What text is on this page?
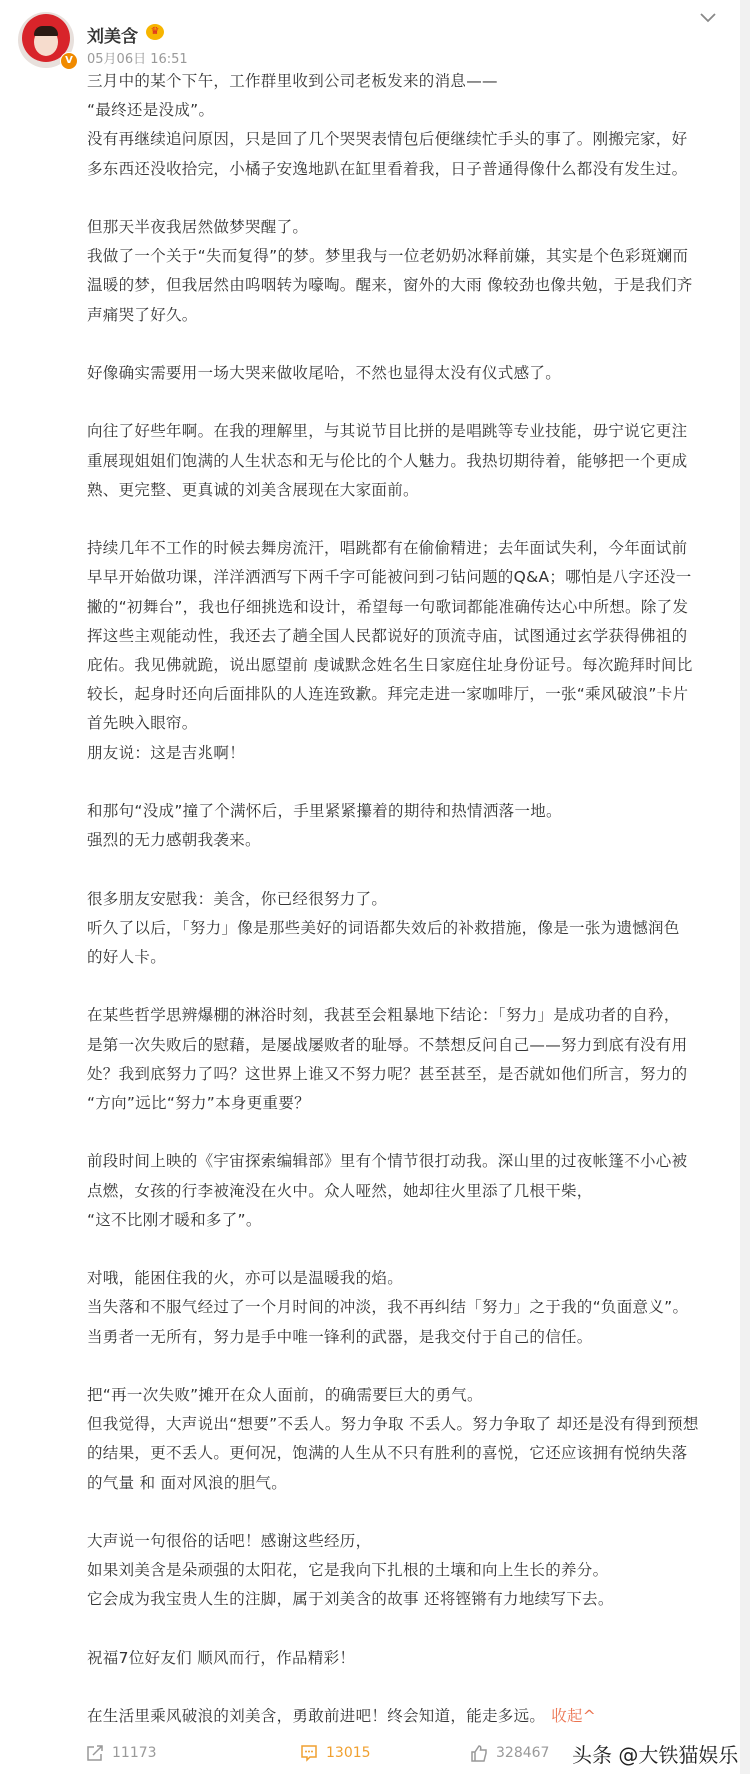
V
刘美含	♛
05月06日 16:51
三月中的某个下午，工作群里收到公司老板发来的消息——
“最终还是没成”。
没有再继续追问原因，只是回了几个哭哭表情包后便继续忙手头的事了。刚搬完家，好
多东西还没收拾完，小橘子安逸地趴在缸里看着我，日子普通得像什么都没有发生过。
但那天半夜我居然做梦哭醒了。
我做了一个关于“失而复得”的梦。梦里我与一位老奶奶冰释前嫌，其实是个色彩斑斓而
温暖的梦，但我居然由呜咽转为嚎啕。醒来，窗外的大雨 像较劲也像共勉，于是我们齐
声痛哭了好久。
好像确实需要用一场大哭来做收尾哈，不然也显得太没有仪式感了。
向往了好些年啊。在我的理解里，与其说节目比拼的是唱跳等专业技能，毋宁说它更注
重展现姐姐们饱满的人生状态和无与伦比的个人魅力。我热切期待着，能够把一个更成
熟、更完整、更真诚的刘美含展现在大家面前。
持续几年不工作的时候去舞房流汗，唱跳都有在偷偷精进；去年面试失利，今年面试前
早早开始做功课，洋洋洒洒写下两千字可能被问到刁钻问题的Q&A；哪怕是八字还没一
撇的“初舞台”，我也仔细挑选和设计，希望每一句歌词都能准确传达心中所想。除了发
挥这些主观能动性，我还去了趟全国人民都说好的顶流寺庙，试图通过玄学获得佛祖的
庇佑。我见佛就跪，说出愿望前 虔诚默念姓名生日家庭住址身份证号。每次跪拜时间比
较长，起身时还向后面排队的人连连致歉。拜完走进一家咖啡厅，一张“乘风破浪”卡片
首先映入眼帘。
朋友说：这是吉兆啊！
和那句“没成”撞了个满怀后，手里紧紧攥着的期待和热情洒落一地。
强烈的无力感朝我袭来。
很多朋友安慰我：美含，你已经很努力了。
听久了以后，「努力」像是那些美好的词语都失效后的补救措施，像是一张为遗憾润色
的好人卡。
在某些哲学思辨爆棚的淋浴时刻，我甚至会粗暴地下结论：「努力」是成功者的自矜，
是第一次失败后的慰藉，是屡战屡败者的耻辱。不禁想反问自己——努力到底有没有用
处？我到底努力了吗？这世界上谁又不努力呢？甚至甚至，是否就如他们所言，努力的
“方向”远比“努力”本身更重要？
前段时间上映的《宇宙探索编辑部》里有个情节很打动我。深山里的过夜帐篷不小心被
点燃，女孩的行李被淹没在火中。众人哑然，她却往火里添了几根干柴，
“这不比刚才暖和多了”。
对哦，能困住我的火，亦可以是温暖我的焰。
当失落和不服气经过了一个月时间的冲淡，我不再纠结「努力」之于我的“负面意义”。
当勇者一无所有，努力是手中唯一锋利的武器，是我交付于自己的信任。
把“再一次失败”摊开在众人面前，的确需要巨大的勇气。
但我觉得，大声说出“想要”不丢人。努力争取 不丢人。努力争取了 却还是没有得到预想
的结果，更不丢人。更何况，饱满的人生从不只有胜利的喜悦，它还应该拥有悦纳失落
的气量 和 面对风浪的胆气。
大声说一句很俗的话吧！感谢这些经历，
如果刘美含是朵顽强的太阳花，它是我向下扎根的土壤和向上生长的养分。
它会成为我宝贵人生的注脚，属于刘美含的故事 还将铿锵有力地续写下去。
祝福7位好友们 顺风而行，作品精彩！
在生活里乘风破浪的刘美含，勇敢前进吧！终会知道，能走多远。 收起^
11173	13015	328467 头条 @大铁猫娱乐
